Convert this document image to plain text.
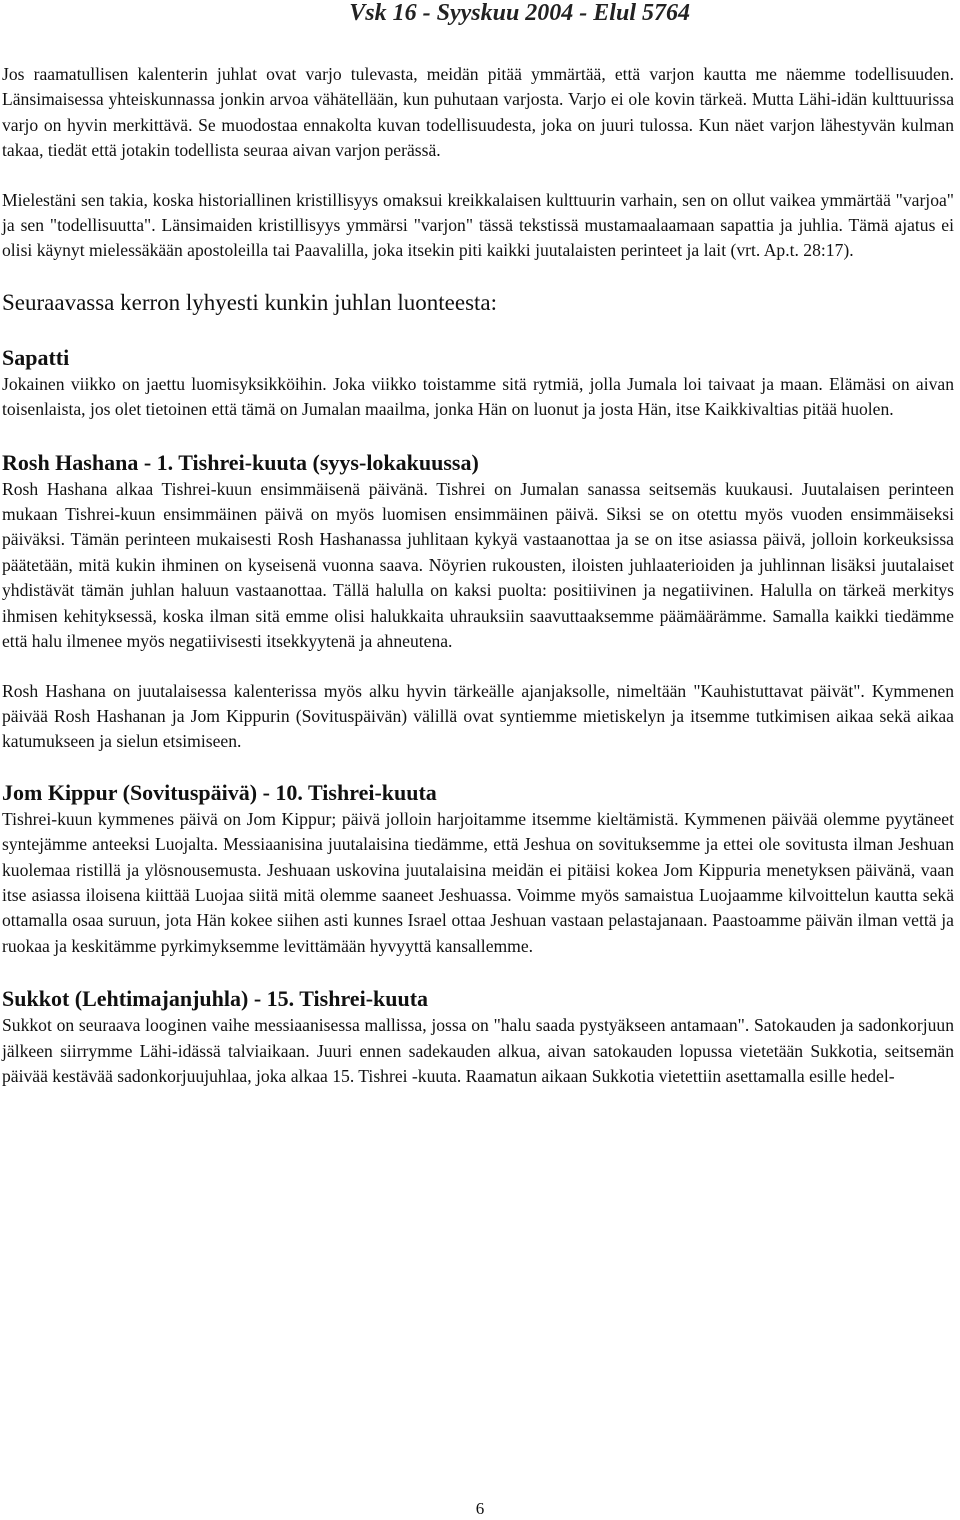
Vsk 16 - Syyskuu 2004 - Elul 5764

Jos raamatullisen kalenterin juhlat ovat varjo tulevasta, meidän pitää ymmärtää, että varjon kautta me näemme todellisuuden. Länsimaisessa yhteiskunnassa jonkin arvoa vähätellään, kun puhutaan varjosta. Varjo ei ole kovin tärkeä. Mutta Lähi-idän kulttuurissa varjo on hyvin merkittävä. Se muodostaa ennakolta kuvan todellisuudesta, joka on juuri tulossa. Kun näet varjon lähestyvän kulman takaa, tiedät että jotakin todellista seuraa aivan varjon perässä.

Mielestäni sen takia, koska historiallinen kristillisyys omaksui kreikkalaisen kulttuurin varhain, sen on ollut vaikea ymmärtää "varjoa" ja sen "todellisuutta". Länsimaiden kristillisyys ymmärsi "varjon" tässä tekstissä mustamaalaamaan sapattia ja juhlia. Tämä ajatus ei olisi käynyt mielessäkään apostoleilla tai Paavalilla, joka itsekin piti kaikki juutalaisten perinteet ja lait (vrt. Ap.t. 28:17).

Seuraavassa kerron lyhyesti kunkin juhlan luonteesta:
Sapatti

Jokainen viikko on jaettu luomisyksikköihin. Joka viikko toistamme sitä rytmiä, jolla Jumala loi taivaat ja maan. Elämäsi on aivan toisenlaista, jos olet tietoinen että tämä on Jumalan maailma, jonka Hän on luonut ja josta Hän, itse Kaikkivaltias pitää huolen.

Rosh Hashana - 1. Tishrei-kuuta (syys-lokakuussa)

Rosh Hashana alkaa Tishrei-kuun ensimmäisenä päivänä. Tishrei on Jumalan sanassa seitsemäs kuukausi. Juutalaisen perinteen mukaan Tishrei-kuun ensimmäinen päivä on myös luomisen ensimmäinen päivä. Siksi se on otettu myös vuoden ensimmäiseksi päiväksi. Tämän perinteen mukaisesti Rosh Hashanassa juhlitaan kykyä vastaanottaa ja se on itse asiassa päivä, jolloin korkeuksissa päätetään, mitä kukin ihminen on kyseisenä vuonna saava. Nöyrien rukousten, iloisten juhlaaterioiden ja juhlinnan lisäksi juutalaiset yhdistävät tämän juhlan haluun vastaanottaa. Tällä halulla on kaksi puolta: positiivinen ja negatiivinen. Halulla on tärkeä merkitys ihmisen kehityksessä, koska ilman sitä emme olisi halukkaita uhrauksiin saavuttaaksemme päämäärämme. Samalla kaikki tiedämme että halu ilmenee myös negatiivisesti itsekkyytenä ja ahneutena.

Rosh Hashana on juutalaisessa kalenterissa myös alku hyvin tärkeälle ajanjaksolle, nimeltään "Kauhistuttavat päivät". Kymmenen päivää Rosh Hashanan ja Jom Kippurin (Sovituspäivän) välillä ovat syntiemme mietiskelyn ja itsemme tutkimisen aikaa sekä aikaa katumukseen ja sielun etsimiseen.

Jom Kippur (Sovituspäivä) - 10. Tishrei-kuuta

Tishrei-kuun kymmenes päivä on Jom Kippur; päivä jolloin harjoitamme itsemme kieltämistä. Kymmenen päivää olemme pyytäneet syntejämme anteeksi Luojalta. Messiaanisina juutalaisina tiedämme, että Jeshua on sovituksemme ja ettei ole sovitusta ilman Jeshuan kuolemaa ristillä ja ylösnousemusta. Jeshuaan uskovina juutalaisina meidän ei pitäisi kokea Jom Kippuria menetyksen päivänä, vaan itse asiassa iloisena kiittää Luojaa siitä mitä olemme saaneet Jeshuassa. Voimme myös samaistua Luojaamme kilvoittelun kautta sekä ottamalla osaa suruun, jota Hän kokee siihen asti kunnes Israel ottaa Jeshuan vastaan pelastajanaan. Paastoamme päivän ilman vettä ja ruokaa ja keskitämme pyrkimyksemme levittämään hyvyyttä kansallemme.

Sukkot (Lehtimajanjuhla) - 15. Tishrei-kuuta

Sukkot on seuraava looginen vaihe messiaanisessa mallissa, jossa on "halu saada pystyäkseen antamaan". Satokauden ja sadonkorjuun jälkeen siirrymme Lähi-idässä talviaikaan. Juuri ennen sadekauden alkua, aivan satokauden lopussa vietetään Sukkotia, seitsemän päivää kestävää sadonkorjuujuhlaa, joka alkaa 15. Tishrei -kuuta. Raamatun aikaan Sukkotia vietettiin asettamalla esille hedel-

6
